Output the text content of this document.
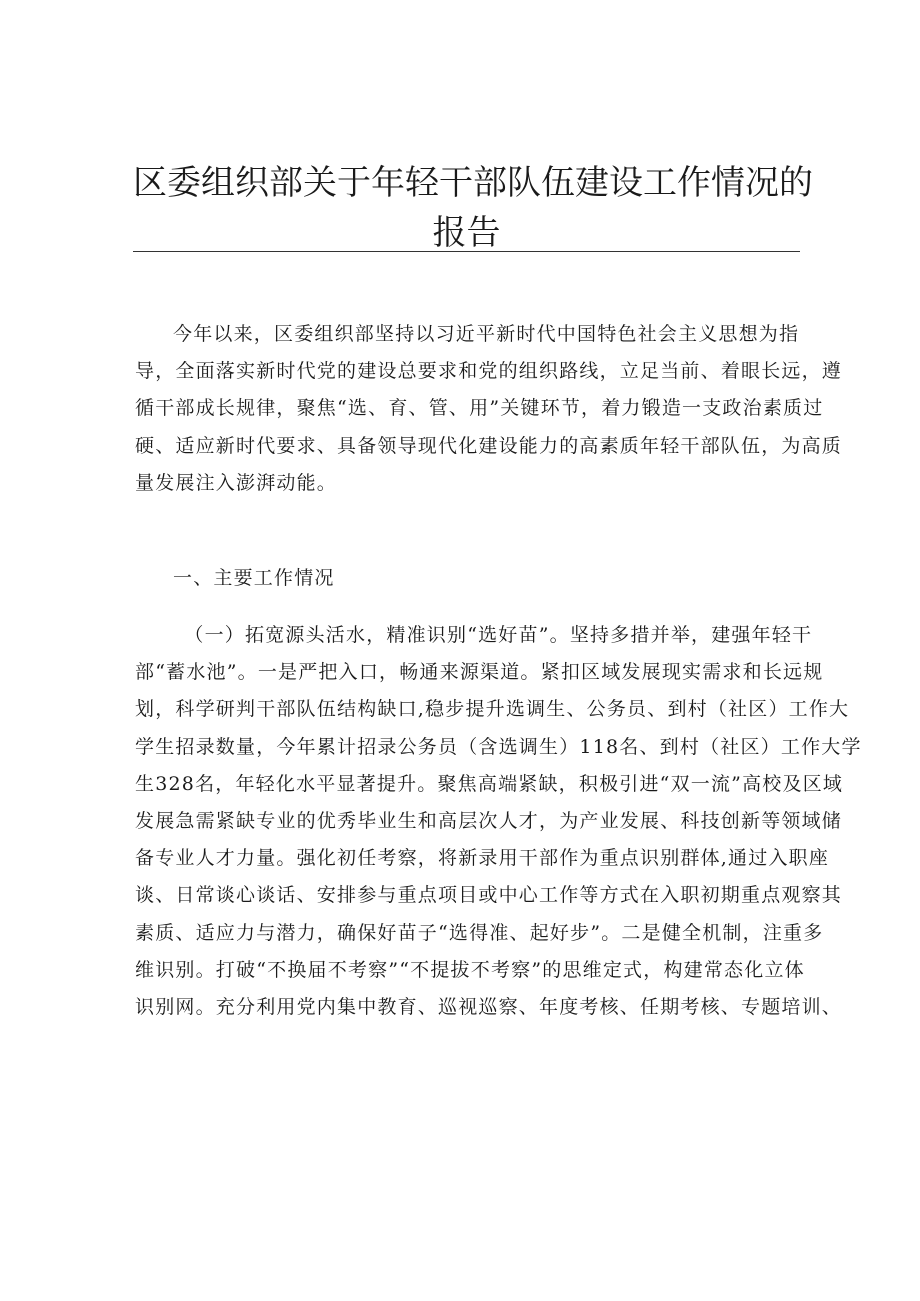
区委组织部关于年轻干部队伍建设工作情况的
报告
今年以来，区委组织部坚持以习近平新时代中国特色社会主义思想为指
导，全面落实新时代党的建设总要求和党的组织路线，立足当前、着眼长远，遵
循干部成长规律，聚焦“选、育、管、用”关键环节，着力锻造一支政治素质过
硬、适应新时代要求、具备领导现代化建设能力的高素质年轻干部队伍，为高质
量发展注入澎湃动能。
一、主要工作情况
（一）拓宽源头活水，精准识别“选好苗”。坚持多措并举，建强年轻干
部“蓄水池”。一是严把入口，畅通来源渠道。紧扣区域发展现实需求和长远规
划，科学研判干部队伍结构缺口,稳步提升选调生、公务员、到村（社区）工作大
学生招录数量，今年累计招录公务员（含选调生）118名、到村（社区）工作大学
生328名，年轻化水平显著提升。聚焦高端紧缺，积极引进“双一流”高校及区域
发展急需紧缺专业的优秀毕业生和高层次人才，为产业发展、科技创新等领域储
备专业人才力量。强化初任考察，将新录用干部作为重点识别群体,通过入职座
谈、日常谈心谈话、安排参与重点项目或中心工作等方式在入职初期重点观察其
素质、适应力与潜力，确保好苗子“选得准、起好步”。二是健全机制，注重多
维识别。打破“不换届不考察”“不提拔不考察”的思维定式，构建常态化立体
识别网。充分利用党内集中教育、巡视巡察、年度考核、任期考核、专题培训、
